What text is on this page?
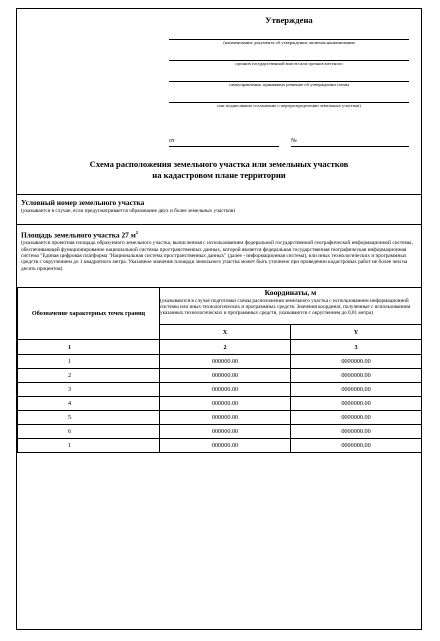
Утверждена
(наименование документа об утверждении, включая наименования
органов государственной власти или органов местного
самоуправления, принявших решение об утверждении схемы
или подписавших соглашение о перераспределении земельных участков)
от	№
Схема расположения земельного участка или земельных участков
на кадастровом плане территории
Условный номер земельного участка
(указывается в случае, если предусматривается образование двух и более земельных участков)
Площадь земельного участка 27 $м^2$
(указывается проектная площадь образуемого земельного участка, вычисленная с использованием федеральной государственной географической информационной системы, обеспечивающей функционирование национальной системы пространственных данных, которой является федеральная государственная географическая информационная система "Единая цифровая платформа "Национальная система пространственных данных" (далее - информационная система), или иных технологических и программных средств с округлением до 1 квадратного метра. Указанное значение площади земельного участка может быть уточнено при проведении кадастровых работ не более чем на десять процентов)
Обозначение характерных точек границ	Координаты, м
(указываются в случае подготовки схемы расположения земельного участка с использованием информационной системы или иных технологических и программных средств. Значения координат, полученные с использованием указанных технологических и программных средств, указываются с округлением до 0,01 метра)	

	X	Y
1	2	3
1	000000.00	0000000.00
2	000000.00	0000000.00
3	000000.00	0000000.00
4	000000.00	0000000.00
5	000000.00	0000000.00
6	000000.00	0000000.00
1	000000.00	0000000.00
